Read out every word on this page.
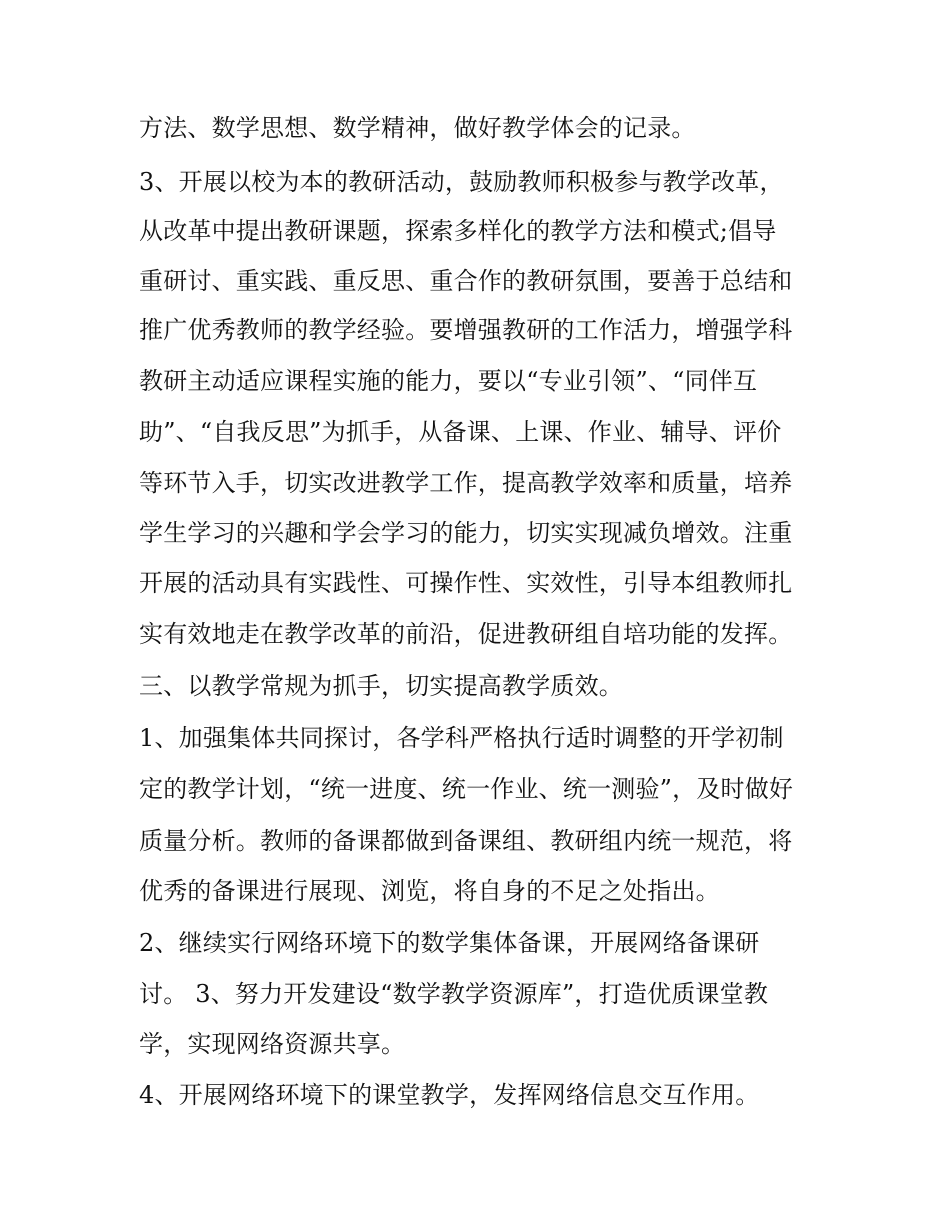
方法、数学思想、数学精神，做好教学体会的记录。
3、开展以校为本的教研活动，鼓励教师积极参与教学改革，
从改革中提出教研课题，探索多样化的教学方法和模式;倡导
重研讨、重实践、重反思、重合作的教研氛围，要善于总结和
推广优秀教师的教学经验。要增强教研的工作活力，增强学科
教研主动适应课程实施的能力，要以“专业引领”、“同伴互
助”、“自我反思”为抓手，从备课、上课、作业、辅导、评价
等环节入手，切实改进教学工作，提高教学效率和质量，培养
学生学习的兴趣和学会学习的能力，切实实现减负增效。注重
开展的活动具有实践性、可操作性、实效性，引导本组教师扎
实有效地走在教学改革的前沿，促进教研组自培功能的发挥。
三、以教学常规为抓手，切实提高教学质效。
1、加强集体共同探讨，各学科严格执行适时调整的开学初制
定的教学计划，“统一进度、统一作业、统一测验”，及时做好
质量分析。教师的备课都做到备课组、教研组内统一规范，将
优秀的备课进行展现、浏览，将自身的不足之处指出。
2、继续实行网络环境下的数学集体备课，开展网络备课研
讨。 3、努力开发建设“数学教学资源库”，打造优质课堂教
学，实现网络资源共享。
4、开展网络环境下的课堂教学，发挥网络信息交互作用。
